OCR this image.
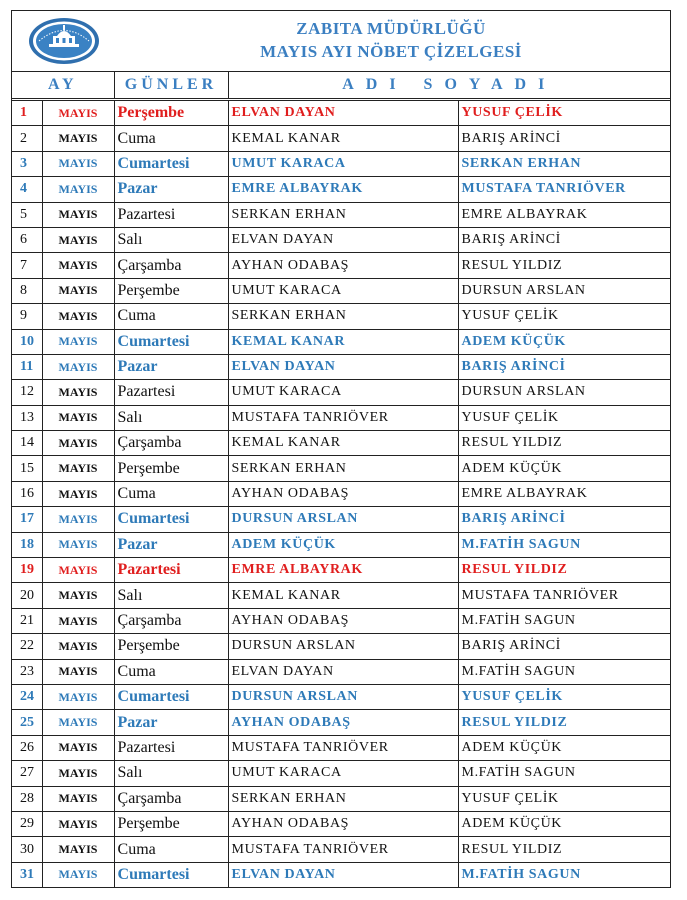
ZABITA MÜDÜRLÜĞÜ
MAYIS AYI NÖBET ÇİZELGESİ
AY		GÜNLER	ADI SOYADI	
1	MAYIS	Perşembe	ELVAN DAYAN	YUSUF ÇELİK
2	MAYIS	Cuma	KEMAL KANAR	BARIŞ ARİNCİ
3	MAYIS	Cumartesi	UMUT KARACA	SERKAN ERHAN
4	MAYIS	Pazar	EMRE ALBAYRAK	MUSTAFA TANRIÖVER
5	MAYIS	Pazartesi	SERKAN ERHAN	EMRE ALBAYRAK
6	MAYIS	Salı	ELVAN DAYAN	BARIŞ ARİNCİ
7	MAYIS	Çarşamba	AYHAN ODABAŞ	RESUL YILDIZ
8	MAYIS	Perşembe	UMUT KARACA	DURSUN ARSLAN
9	MAYIS	Cuma	SERKAN ERHAN	YUSUF ÇELİK
10	MAYIS	Cumartesi	KEMAL KANAR	ADEM KÜÇÜK
11	MAYIS	Pazar	ELVAN DAYAN	BARIŞ ARİNCİ
12	MAYIS	Pazartesi	UMUT KARACA	DURSUN ARSLAN
13	MAYIS	Salı	MUSTAFA TANRIÖVER	YUSUF ÇELİK
14	MAYIS	Çarşamba	KEMAL KANAR	RESUL YILDIZ
15	MAYIS	Perşembe	SERKAN ERHAN	ADEM KÜÇÜK
16	MAYIS	Cuma	AYHAN ODABAŞ	EMRE ALBAYRAK
17	MAYIS	Cumartesi	DURSUN ARSLAN	BARIŞ ARİNCİ
18	MAYIS	Pazar	ADEM KÜÇÜK	M.FATİH SAGUN
19	MAYIS	Pazartesi	EMRE ALBAYRAK	RESUL YILDIZ
20	MAYIS	Salı	KEMAL KANAR	MUSTAFA TANRIÖVER
21	MAYIS	Çarşamba	AYHAN ODABAŞ	M.FATİH SAGUN
22	MAYIS	Perşembe	DURSUN ARSLAN	BARIŞ ARİNCİ
23	MAYIS	Cuma	ELVAN DAYAN	M.FATİH SAGUN
24	MAYIS	Cumartesi	DURSUN ARSLAN	YUSUF ÇELİK
25	MAYIS	Pazar	AYHAN ODABAŞ	RESUL YILDIZ
26	MAYIS	Pazartesi	MUSTAFA TANRIÖVER	ADEM KÜÇÜK
27	MAYIS	Salı	UMUT KARACA	M.FATİH SAGUN
28	MAYIS	Çarşamba	SERKAN ERHAN	YUSUF ÇELİK
29	MAYIS	Perşembe	AYHAN ODABAŞ	ADEM KÜÇÜK
30	MAYIS	Cuma	MUSTAFA TANRIÖVER	RESUL YILDIZ
31	MAYIS	Cumartesi	ELVAN DAYAN	M.FATİH SAGUN
